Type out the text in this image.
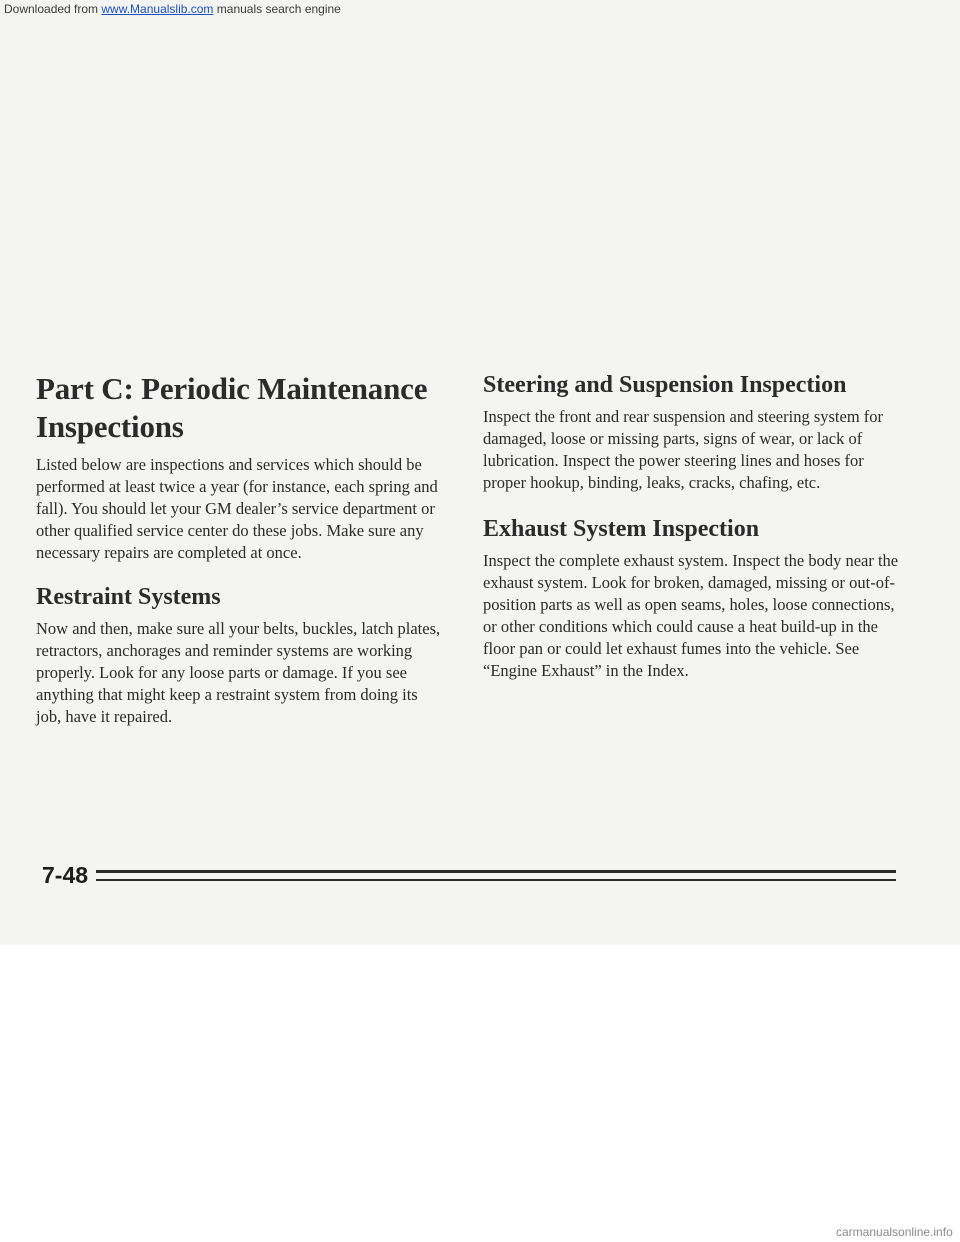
Downloaded from www.Manualslib.com manuals search engine
Part C: Periodic Maintenance Inspections

Listed below are inspections and services which should be performed at least twice a year (for instance, each spring and fall). You should let your GM dealer’s service department or other qualified service center do these jobs. Make sure any necessary repairs are completed at once.

Restraint Systems

Now and then, make sure all your belts, buckles, latch plates, retractors, anchorages and reminder systems are working properly. Look for any loose parts or damage. If you see anything that might keep a restraint system from doing its job, have it repaired.

Steering and Suspension Inspection

Inspect the front and rear suspension and steering system for damaged, loose or missing parts, signs of wear, or lack of lubrication. Inspect the power steering lines and hoses for proper hookup, binding, leaks, cracks, chafing, etc.

Exhaust System Inspection

Inspect the complete exhaust system. Inspect the body near the exhaust system. Look for broken, damaged, missing or out-of-position parts as well as open seams, holes, loose connections, or other conditions which could cause a heat build-up in the floor pan or could let exhaust fumes into the vehicle. See “Engine Exhaust” in the Index.

7-48
carmanualsonline.info
